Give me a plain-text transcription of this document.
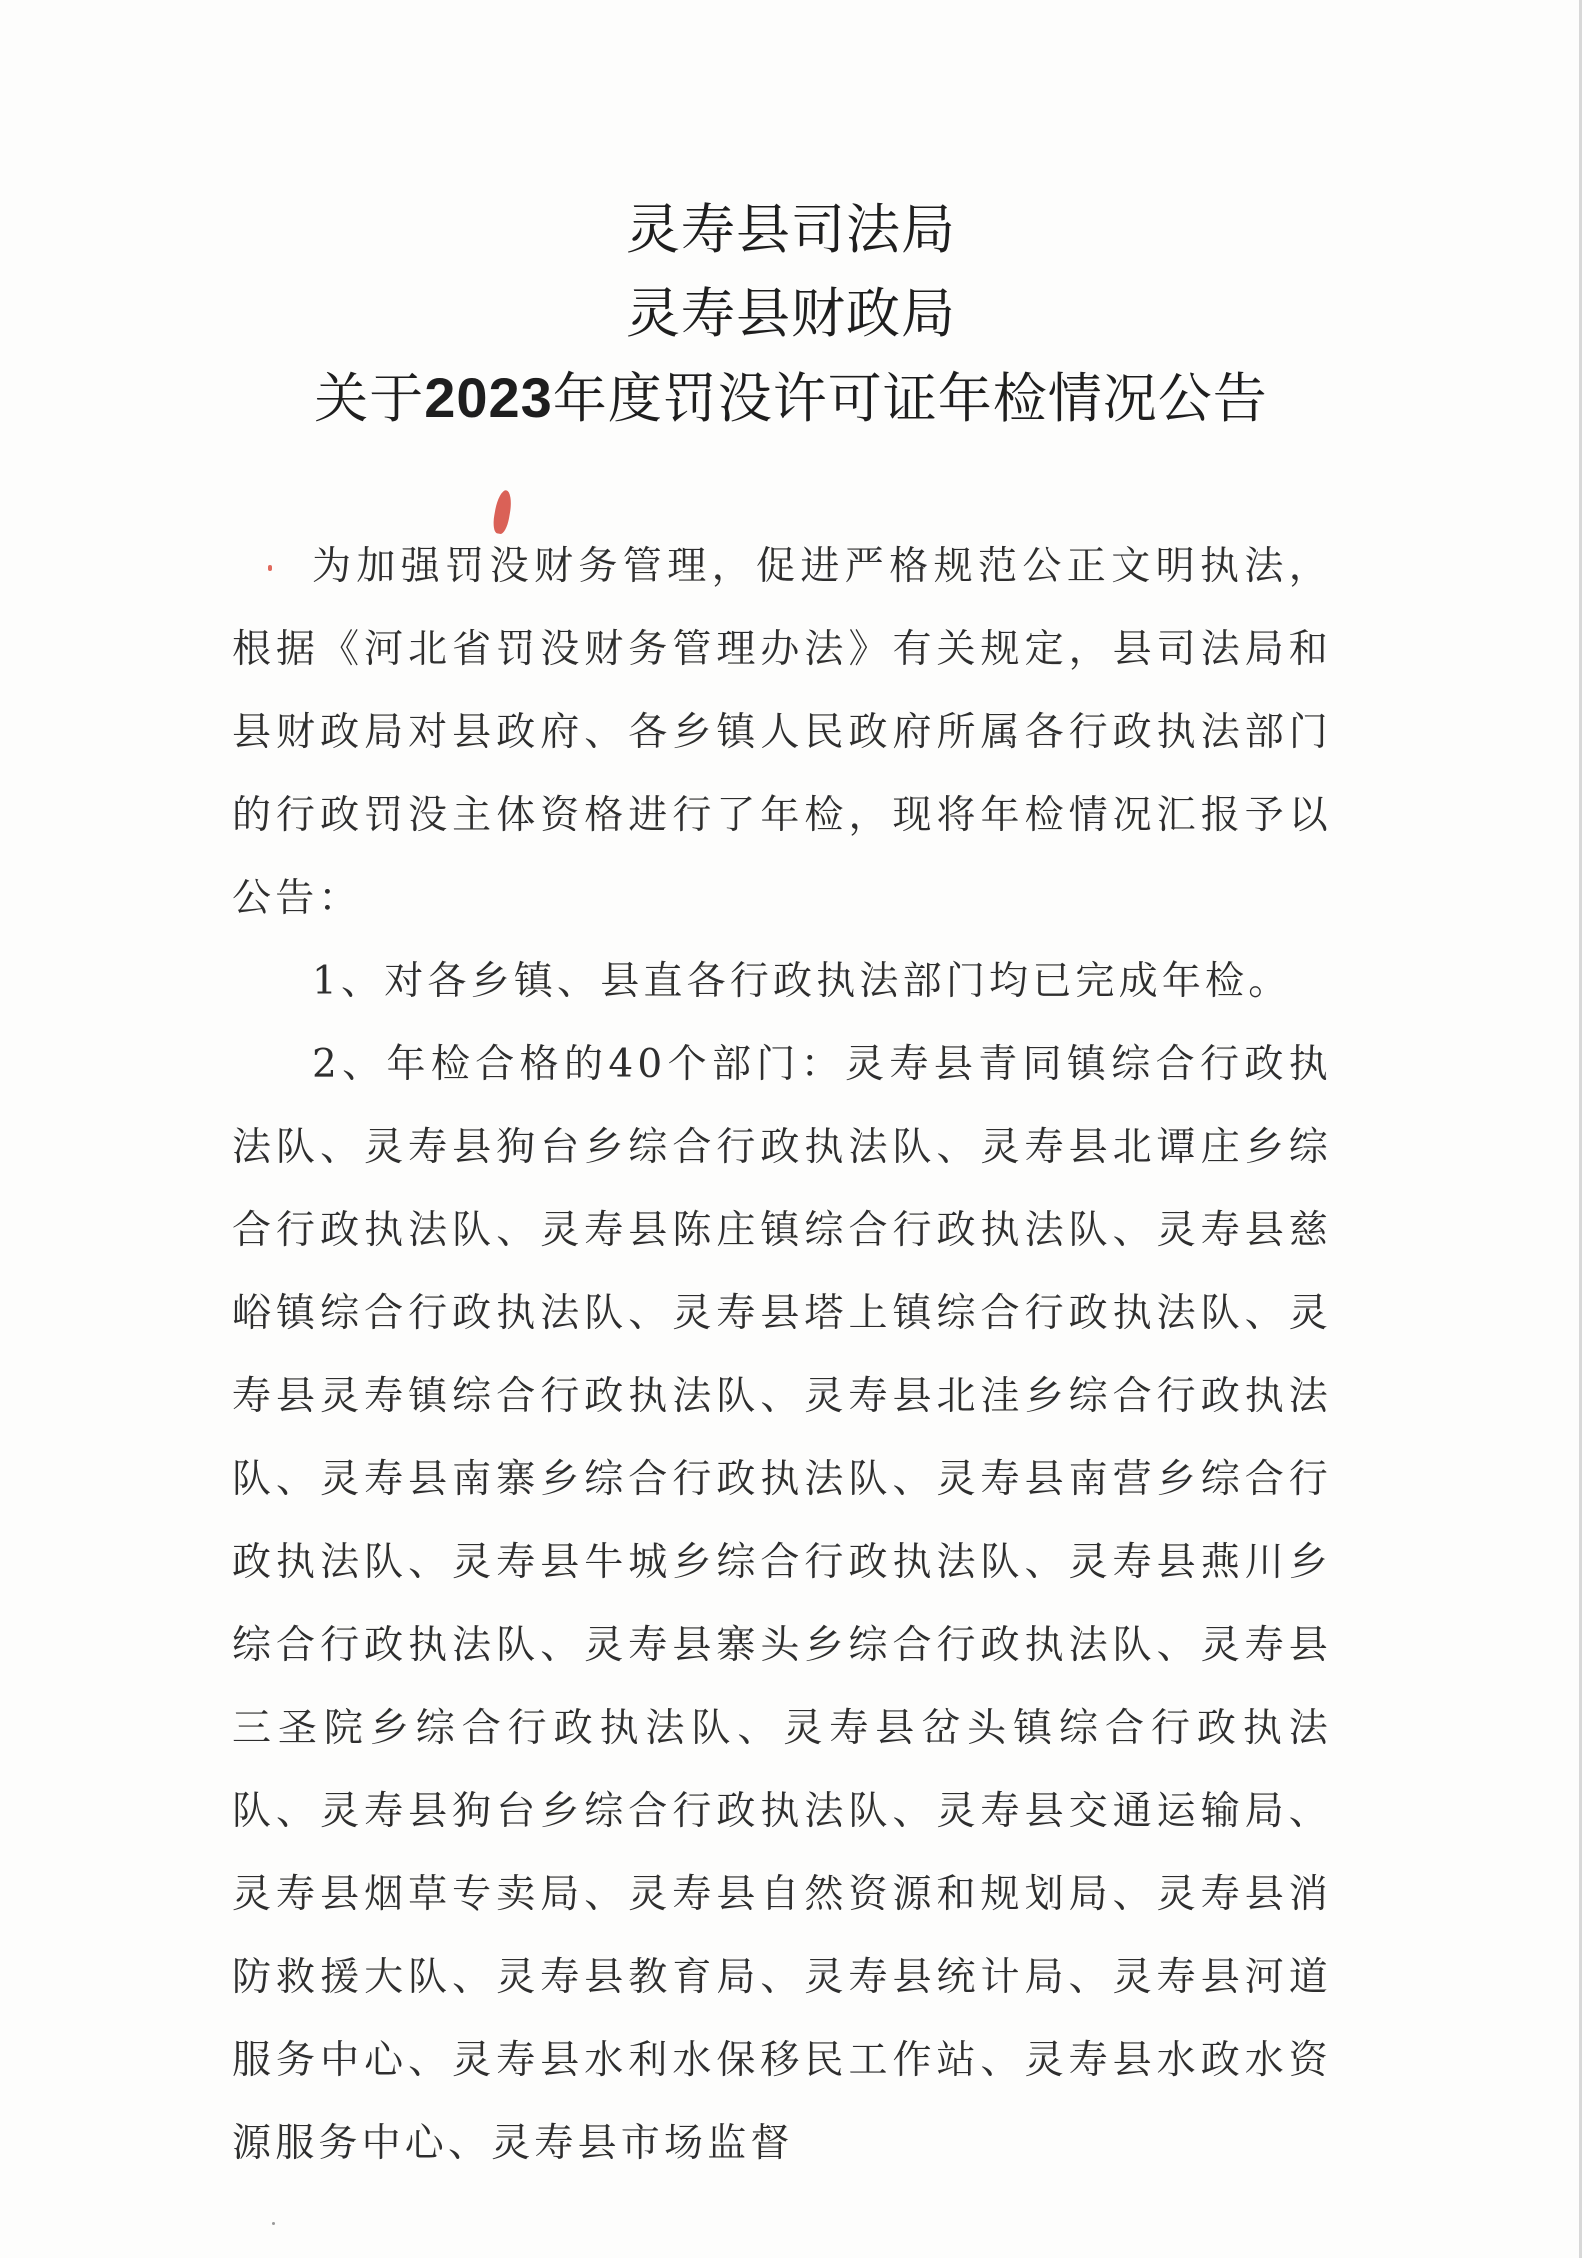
灵寿县司法局

灵寿县财政局

关于2023年度罚没许可证年检情况公告

为加强罚没财务管理，促进严格规范公正文明执法，根据《河北省罚没财务管理办法》有关规定，县司法局和县财政局对县政府、各乡镇人民政府所属各行政执法部门的行政罚没主体资格进行了年检，现将年检情况汇报予以公告：

1、对各乡镇、县直各行政执法部门均已完成年检。

2、年检合格的40个部门：灵寿县青同镇综合行政执法队、灵寿县狗台乡综合行政执法队、灵寿县北谭庄乡综合行政执法队、灵寿县陈庄镇综合行政执法队、灵寿县慈峪镇综合行政执法队、灵寿县塔上镇综合行政执法队、灵寿县灵寿镇综合行政执法队、灵寿县北洼乡综合行政执法队、灵寿县南寨乡综合行政执法队、灵寿县南营乡综合行政执法队、灵寿县牛城乡综合行政执法队、灵寿县燕川乡综合行政执法队、灵寿县寨头乡综合行政执法队、灵寿县三圣院乡综合行政执法队、灵寿县岔头镇综合行政执法队、灵寿县狗台乡综合行政执法队、灵寿县交通运输局、灵寿县烟草专卖局、灵寿县自然资源和规划局、灵寿县消防救援大队、灵寿县教育局、灵寿县统计局、灵寿县河道服务中心、灵寿县水利水保移民工作站、灵寿县水政水资源服务中心、灵寿县市场监督
